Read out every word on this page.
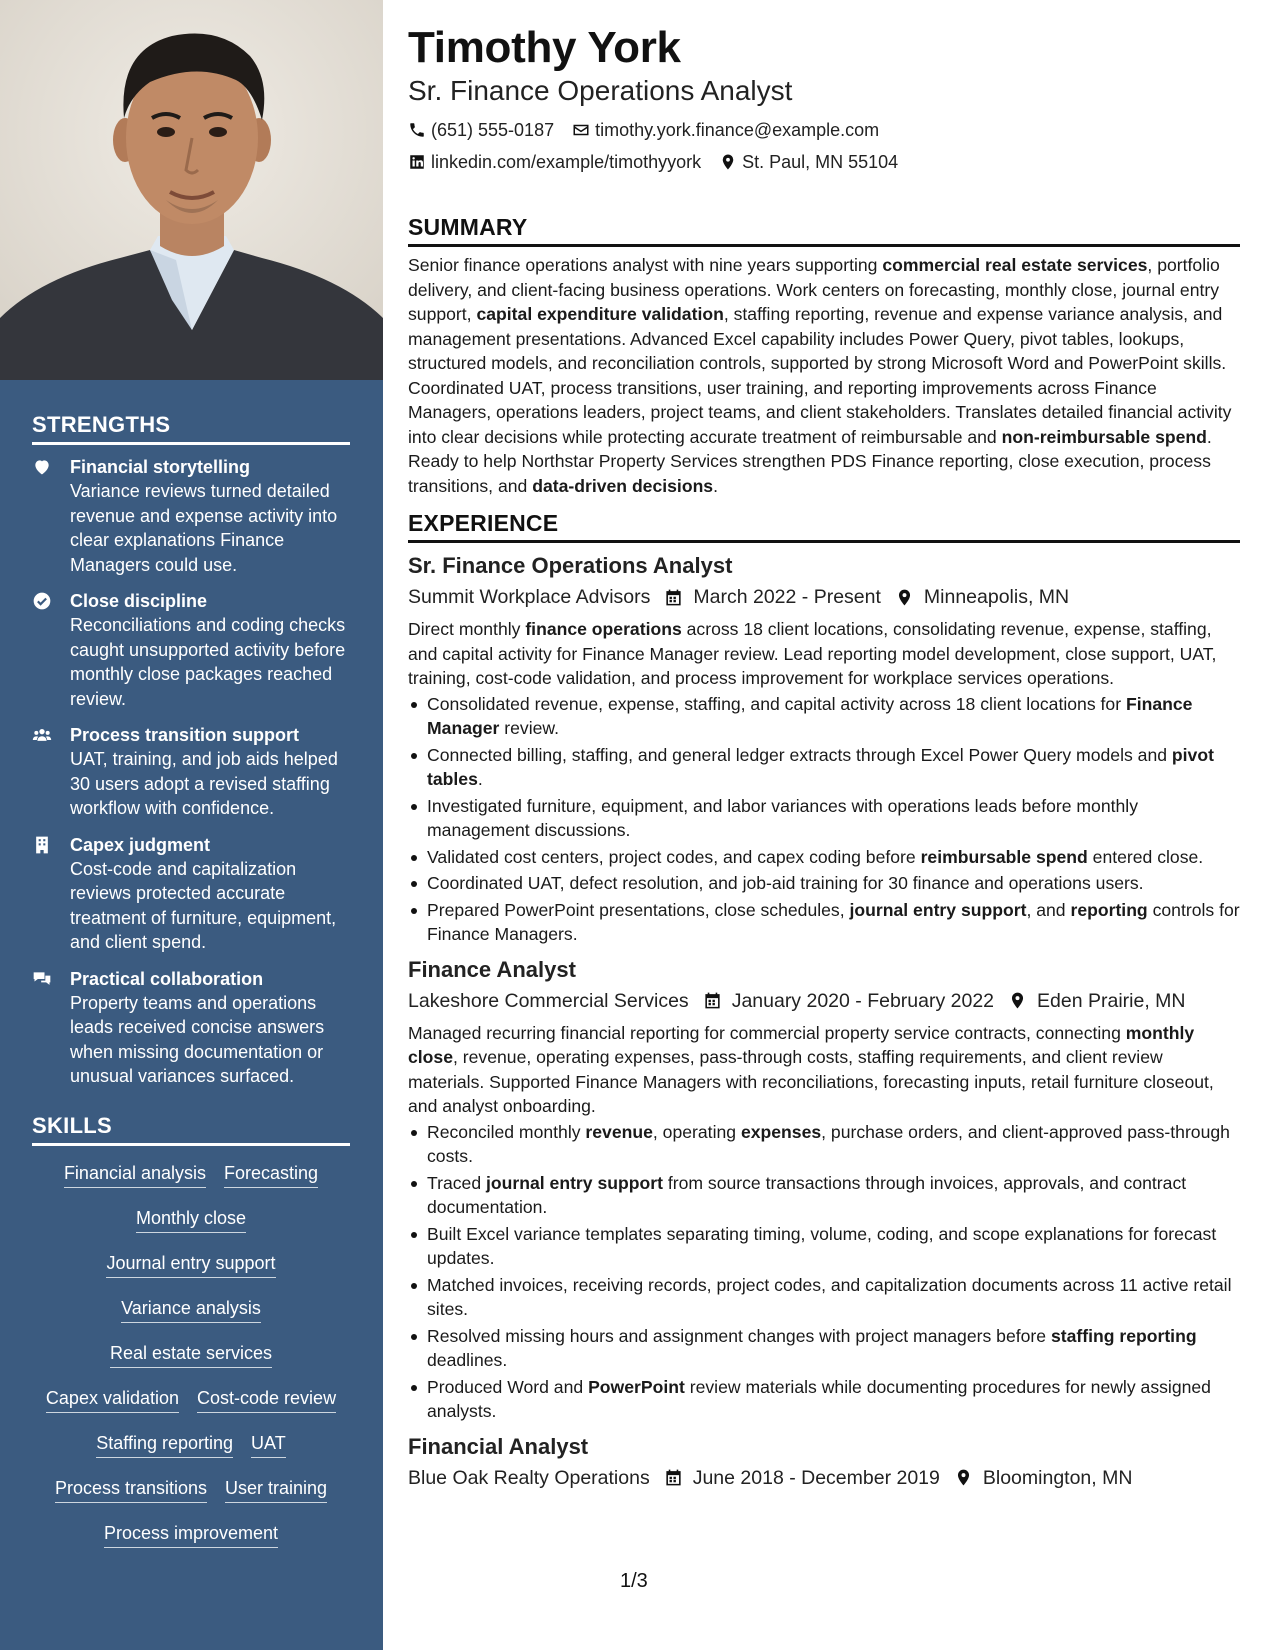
STRENGTHS
Financial storytelling
Variance reviews turned detailed revenue and expense activity into clear explanations Finance Managers could use.
Close discipline
Reconciliations and coding checks caught unsupported activity before monthly close packages reached review.
Process transition support
UAT, training, and job aids helped 30 users adopt a revised staffing workflow with confidence.
Capex judgment
Cost-code and capitalization reviews protected accurate treatment of furniture, equipment, and client spend.
Practical collaboration
Property teams and operations leads received concise answers when missing documentation or unusual variances surfaced.
SKILLS
Financial analysis Forecasting
Monthly close
Journal entry support
Variance analysis
Real estate services
Capex validation Cost-code review
Staffing reporting UAT
Process transitions User training
Process improvement
Timothy York
Sr. Finance Operations Analyst
(651) 555-0187 timothy.york.finance@example.com
linkedin.com/example/timothyyork St. Paul, MN 55104
SUMMARY

Senior finance operations analyst with nine years supporting commercial real estate services, portfolio delivery, and client-facing business operations. Work centers on forecasting, monthly close, journal entry support, capital expenditure validation, staffing reporting, revenue and expense variance analysis, and management presentations. Advanced Excel capability includes Power Query, pivot tables, lookups, structured models, and reconciliation controls, supported by strong Microsoft Word and PowerPoint skills. Coordinated UAT, process transitions, user training, and reporting improvements across Finance Managers, operations leaders, project teams, and client stakeholders. Translates detailed financial activity into clear decisions while protecting accurate treatment of reimbursable and non-reimbursable spend. Ready to help Northstar Property Services strengthen PDS Finance reporting, close execution, process transitions, and data-driven decisions.

EXPERIENCE
Sr. Finance Operations Analyst
Summit Workplace Advisors March 2022 - Present Minneapolis, MN

Direct monthly finance operations across 18 client locations, consolidating revenue, expense, staffing, and capital activity for Finance Manager review. Lead reporting model development, close support, UAT, training, cost-code validation, and process improvement for workplace services operations.

Consolidated revenue, expense, staffing, and capital activity across 18 client locations for Finance Manager review.
Connected billing, staffing, and general ledger extracts through Excel Power Query models and pivot tables.
Investigated furniture, equipment, and labor variances with operations leads before monthly management discussions.
Validated cost centers, project codes, and capex coding before reimbursable spend entered close.
Coordinated UAT, defect resolution, and job-aid training for 30 finance and operations users.
Prepared PowerPoint presentations, close schedules, journal entry support, and reporting controls for Finance Managers.
Finance Analyst
Lakeshore Commercial Services January 2020 - February 2022 Eden Prairie, MN

Managed recurring financial reporting for commercial property service contracts, connecting monthly close, revenue, operating expenses, pass-through costs, staffing requirements, and client review materials. Supported Finance Managers with reconciliations, forecasting inputs, retail furniture closeout, and analyst onboarding.

Reconciled monthly revenue, operating expenses, purchase orders, and client-approved pass-through costs.
Traced journal entry support from source transactions through invoices, approvals, and contract documentation.
Built Excel variance templates separating timing, volume, coding, and scope explanations for forecast updates.
Matched invoices, receiving records, project codes, and capitalization documents across 11 active retail sites.
Resolved missing hours and assignment changes with project managers before staffing reporting deadlines.
Produced Word and PowerPoint review materials while documenting procedures for newly assigned analysts.
Financial Analyst
Blue Oak Realty Operations June 2018 - December 2019 Bloomington, MN
1/3
